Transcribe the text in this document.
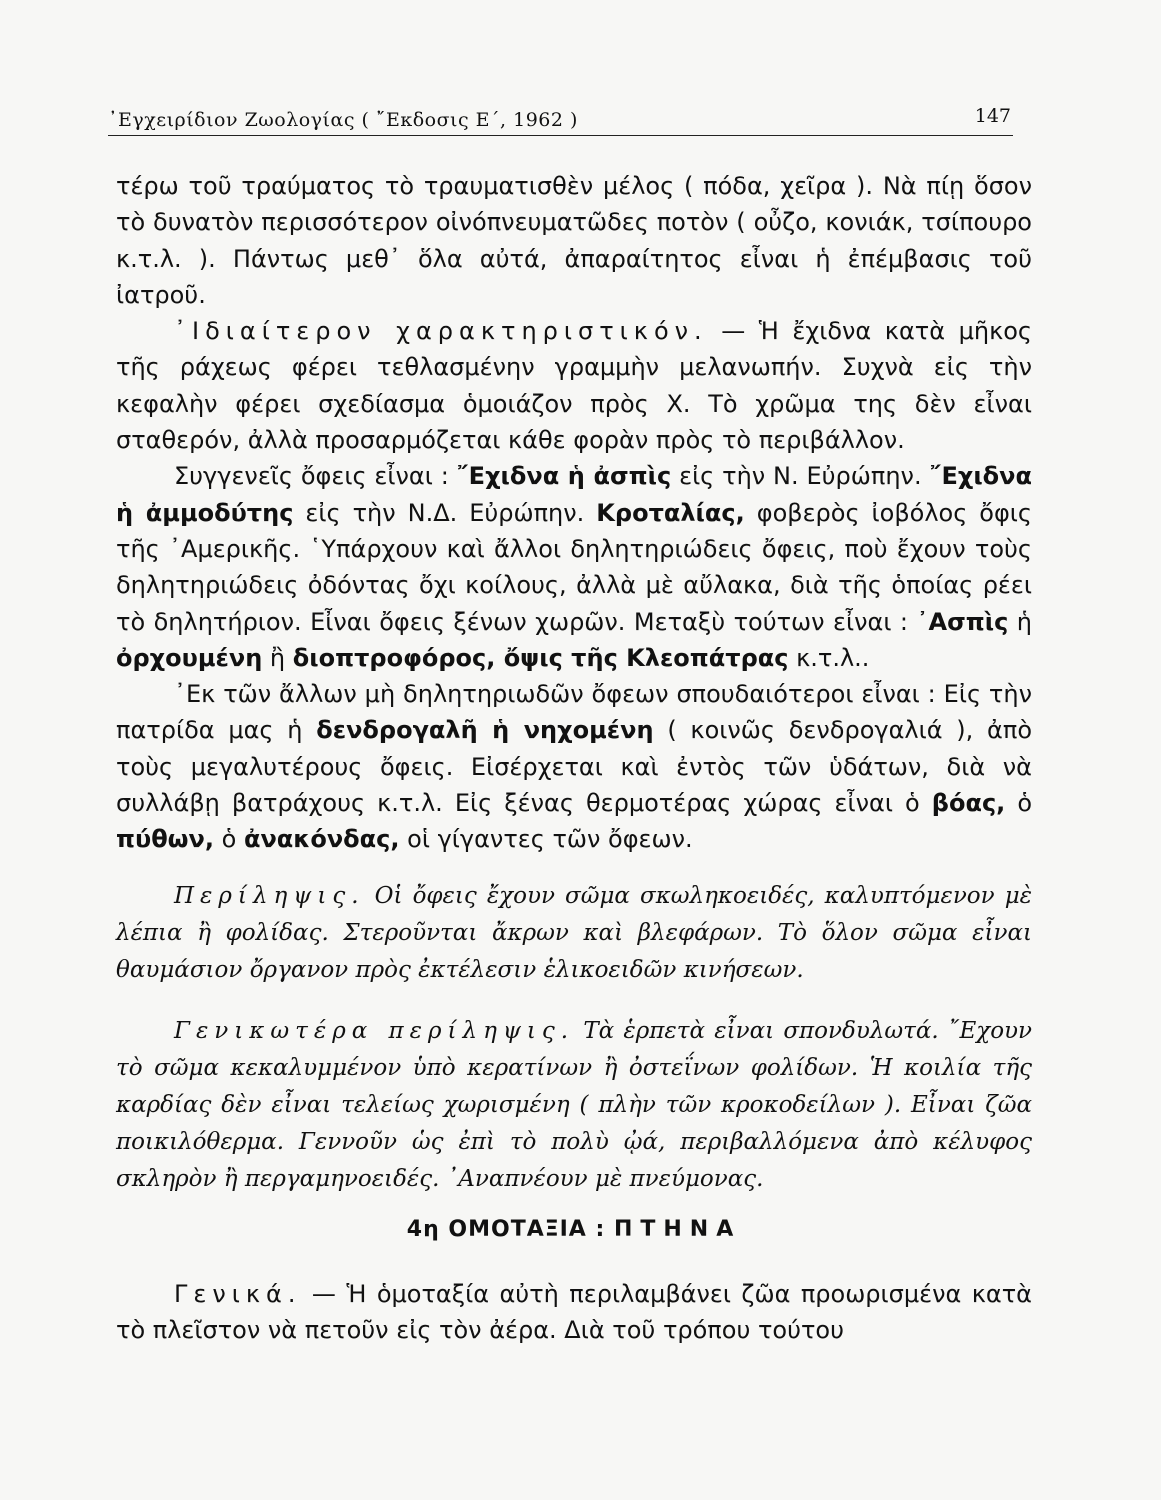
᾿Εγχειρίδιον Ζωολογίας ( ῎Εκδοσις Ε΄, 1962 )	147

τέρω τοῦ τραύματος τὸ τραυματισθὲν μέλος ( πόδα, χεῖρα ). Νὰ πίῃ ὅσον τὸ δυνατὸν περισσότερον οἰνόπνευματῶδες ποτὸν ( οὖζο, κονιάκ, τσίπουρο κ.τ.λ. ). Πάντως μεθ᾿ ὅλα αὐτά, ἀπαραίτητος εἶναι ἡ ἐπέμβασις τοῦ ἰατροῦ.

᾿Ιδιαίτερον χαρακτηριστικόν. — Ἡ ἔχιδνα κατὰ μῆκος τῆς ράχεως φέρει τεθλασμένην γραμμὴν μελανωπήν. Συχνὰ εἰς τὴν κεφαλὴν φέρει σχεδίασμα ὁμοιάζον πρὸς Χ. Τὸ χρῶμα της δὲν εἶναι σταθερόν, ἀλλὰ προσαρμόζεται κάθε φορὰν πρὸς τὸ περιβάλλον.

Συγγενεῖς ὄφεις εἶναι : ῎Εχιδνα ἡ ἀσπὶς εἰς τὴν Ν. Εὐρώπην. ῎Εχιδνα ἡ ἀμμοδύτης εἰς τὴν Ν.Δ. Εὐρώπην. Κροταλίας, φοβερὸς ἰοβόλος ὄφις τῆς ᾿Αμερικῆς. ῾Υπάρχουν καὶ ἄλλοι δηλητηριώδεις ὄφεις, ποὺ ἔχουν τοὺς δηλητηριώδεις ὀδόντας ὄχι κοίλους, ἀλλὰ μὲ αὔλακα, διὰ τῆς ὁποίας ρέει τὸ δηλητήριον. Εἶναι ὄφεις ξένων χωρῶν. Μεταξὺ τούτων εἶναι : ᾿Ασπὶς ἡ ὀρχουμένη ἢ διοπτροφόρος, ὄψις τῆς Κλεοπάτρας κ.τ.λ..

᾿Εκ τῶν ἄλλων μὴ δηλητηριωδῶν ὄφεων σπουδαιότεροι εἶναι : Εἰς τὴν πατρίδα μας ἡ δενδρογαλῆ ἡ νηχομένη ( κοινῶς δενδρογαλιά ), ἀπὸ τοὺς μεγαλυτέρους ὄφεις. Εἰσέρχεται καὶ ἐντὸς τῶν ὑδάτων, διὰ νὰ συλλάβῃ βατράχους κ.τ.λ. Εἰς ξένας θερμοτέρας χώρας εἶναι ὁ βόας, ὁ πύθων, ὁ ἀνακόνδας, οἱ γίγαντες τῶν ὄφεων.

Περίληψις. Οἱ ὄφεις ἔχουν σῶμα σκωληκοειδές, καλυπτόμενον μὲ λέπια ἢ φολίδας. Στεροῦνται ἄκρων καὶ βλεφάρων. Τὸ ὅλον σῶμα εἶναι θαυμάσιον ὄργανον πρὸς ἐκτέλεσιν ἑλικοειδῶν κινήσεων.

Γενικωτέρα περίληψις. Τὰ ἑρπετὰ εἶναι σπονδυλωτά. ῎Εχουν τὸ σῶμα κεκαλυμμένον ὑπὸ κερατίνων ἢ ὀστεΐνων φολίδων. Ἡ κοιλία τῆς καρδίας δὲν εἶναι τελείως χωρισμένη ( πλὴν τῶν κροκοδείλων ). Εἶναι ζῶα ποικιλόθερμα. Γεννοῦν ὡς ἐπὶ τὸ πολὺ ᾠά, περιβαλλόμενα ἀπὸ κέλυφος σκληρὸν ἢ περγαμηνοειδές. ᾿Αναπνέουν μὲ πνεύμονας.

4η ΟΜΟΤΑΞΙΑ : ΠΤΗΝΑ

Γενικά. — Ἡ ὁμοταξία αὐτὴ περιλαμβάνει ζῶα προωρισμένα κατὰ τὸ πλεῖστον νὰ πετοῦν εἰς τὸν ἀέρα. Διὰ τοῦ τρόπου τούτου
